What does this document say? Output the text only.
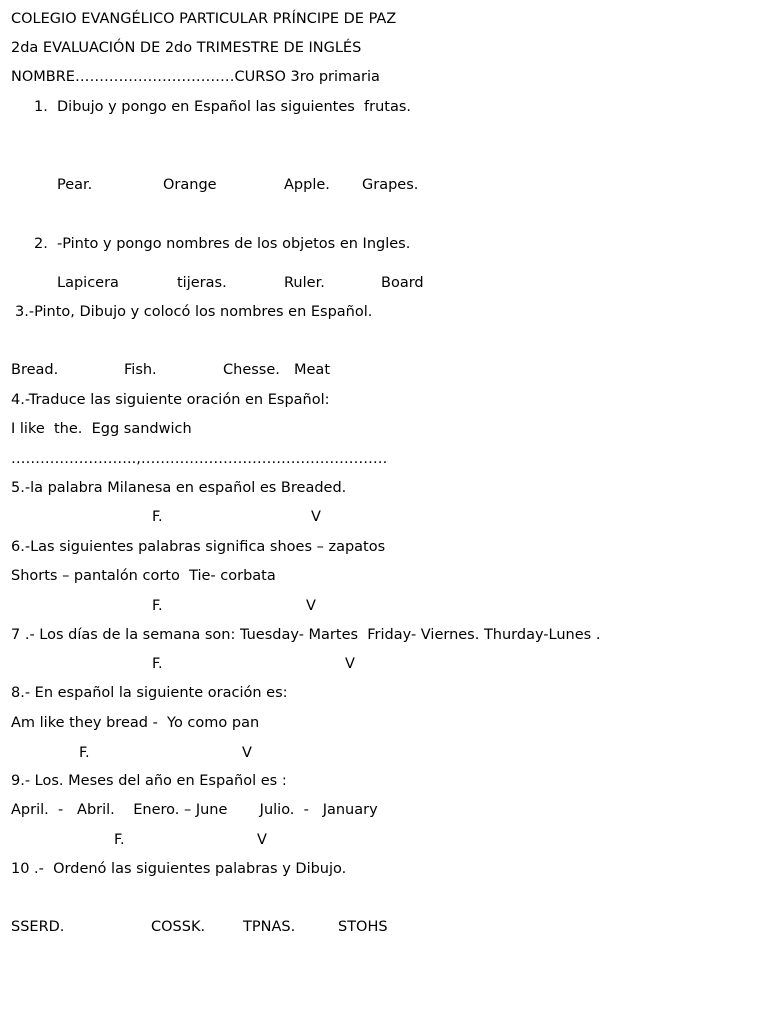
COLEGIO EVANGÉLICO PARTICULAR PRÍNCIPE DE PAZ
2da EVALUACIÓN DE 2do TRIMESTRE DE INGLÉS
NOMBRE……………………………CURSO 3ro primaria
1. Dibujo y pongo en Español las siguientes  frutas.
Pear.	Orange	Apple. Grapes.
2. -Pinto y pongo nombres de los objetos en Ingles.
Lapicera	tijeras.	Ruler.	Board
3.-Pinto, Dibujo y colocó los nombres en Español.
Bread.	Fish.	Chesse. Meat
4.-Traduce las siguiente oración en Español:
I like  the.  Egg sandwich
……………………..,……………………………………………
5.-la palabra Milanesa en español es Breaded.
F.	V
6.-Las siguientes palabras significa shoes – zapatos
Shorts – pantalón corto  Tie- corbata
F.	V
7 .- Los días de la semana son: Tuesday- Martes  Friday- Viernes. Thurday-Lunes .
F.	V
8.- En español la siguiente oración es:
Am like they bread -  Yo como pan
F.	V
9.- Los. Meses del año en Español es :
April.  -   Abril.    Enero. – June       Julio.  -   January
F.	V
10 .-  Ordenó las siguientes palabras y Dibujo.
SSERD.	COSSK.	TPNAS.	STOHS
